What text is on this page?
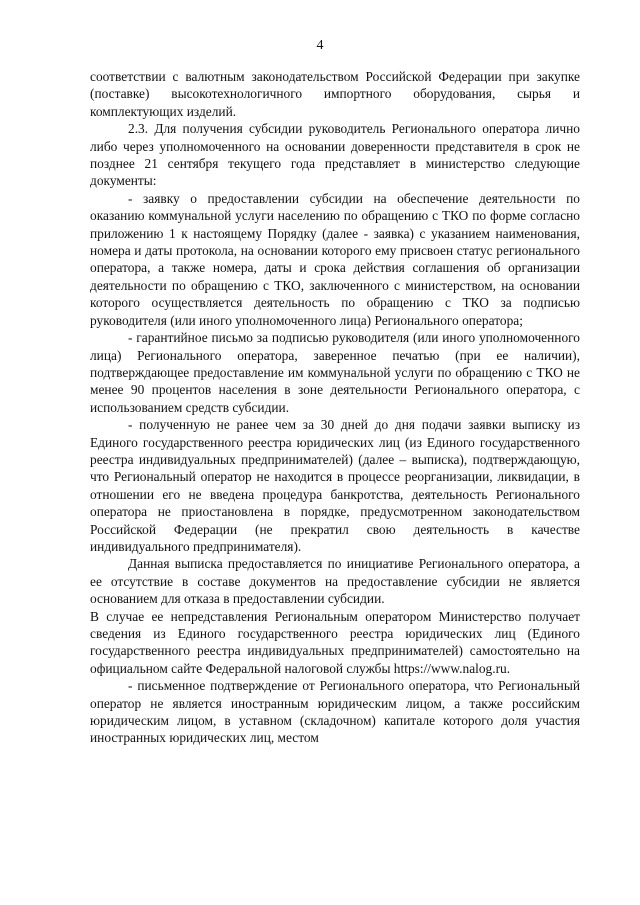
4

соответствии с валютным законодательством Российской Федерации при закупке (поставке) высокотехнологичного импортного оборудования, сырья и комплектующих изделий.

2.3. Для получения субсидии руководитель Регионального оператора лично либо через уполномоченного на основании доверенности представителя в срок не позднее 21 сентября текущего года представляет в министерство следующие документы:

- заявку о предоставлении субсидии на обеспечение деятельности по оказанию коммунальной услуги населению по обращению с ТКО по форме согласно приложению 1 к настоящему Порядку (далее - заявка) с указанием наименования, номера и даты протокола, на основании которого ему присвоен статус регионального оператора, а также номера, даты и срока действия соглашения об организации деятельности по обращению с ТКО, заключенного с министерством, на основании которого осуществляется деятельность по обращению с ТКО за подписью руководителя (или иного уполномоченного лица) Регионального оператора;

- гарантийное письмо за подписью руководителя (или иного уполномоченного лица) Регионального оператора, заверенное печатью (при ее наличии), подтверждающее предоставление им коммунальной услуги по обращению с ТКО не менее 90 процентов населения в зоне деятельности Регионального оператора, с использованием средств субсидии.

- полученную не ранее чем за 30 дней до дня подачи заявки выписку из Единого государственного реестра юридических лиц (из Единого государственного реестра индивидуальных предпринимателей) (далее – выписка), подтверждающую, что Региональный оператор не находится в процессе реорганизации, ликвидации, в отношении его не введена процедура банкротства, деятельность Регионального оператора не приостановлена в порядке, предусмотренном законодательством Российской Федерации (не прекратил свою деятельность в качестве индивидуального предпринимателя).

Данная выписка предоставляется по инициативе Регионального оператора, а ее отсутствие в составе документов на предоставление субсидии не является основанием для отказа в предоставлении субсидии.

В случае ее непредставления Региональным оператором Министерство получает сведения из Единого государственного реестра юридических лиц (Единого государственного реестра индивидуальных предпринимателей) самостоятельно на официальном сайте Федеральной налоговой службы https://www.nalog.ru.

- письменное подтверждение от Регионального оператора, что Региональный оператор не является иностранным юридическим лицом, а также российским юридическим лицом, в уставном (складочном) капитале которого доля участия иностранных юридических лиц, местом
